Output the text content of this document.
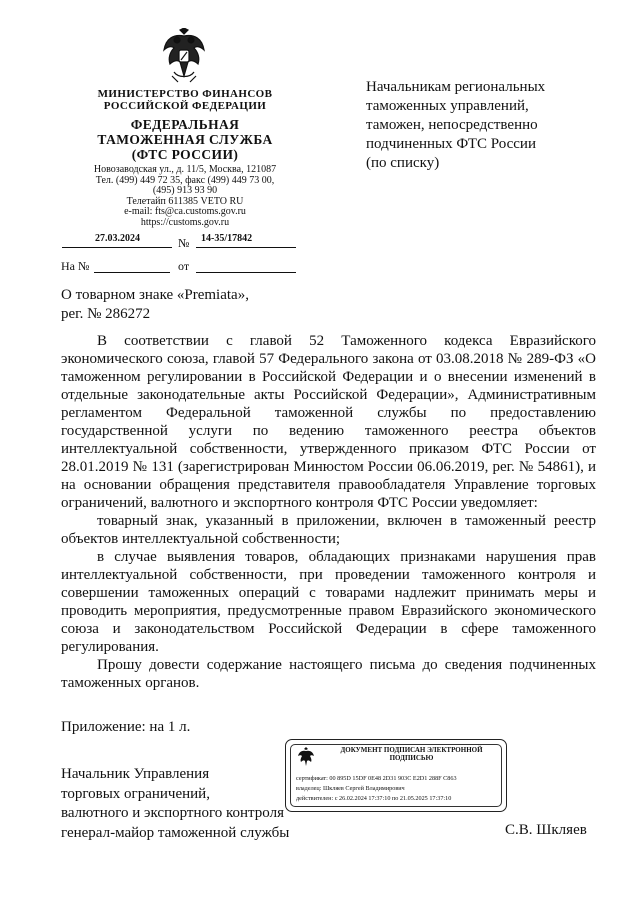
МИНИСТЕРСТВО ФИНАНСОВ
РОССИЙСКОЙ ФЕДЕРАЦИИ
ФЕДЕРАЛЬНАЯ
ТАМОЖЕННАЯ СЛУЖБА
(ФТС РОССИИ)
Новозаводская ул., д. 11/5, Москва, 121087
Тел. (499) 449 72 35, факс (499) 449 73 00,
(495) 913 93 90
Телетайп 611385 VETO RU
e-mail: fts@ca.customs.gov.ru
https://customs.gov.ru
27.03.2024	№ 14-35/17842
На №	от
Начальникам региональных
таможенных управлений,
таможен, непосредственно
подчиненных ФТС России
(по списку)
О товарном знаке «Premiata»,
рег. № 286272

В соответствии с главой 52 Таможенного кодекса Евразийского экономического союза, главой 57 Федерального закона от 03.08.2018 № 289-ФЗ «О таможенном регулировании в Российской Федерации и о внесении изменений в отдельные законодательные акты Российской Федерации», Административным регламентом Федеральной таможенной службы по предоставлению государственной услуги по ведению таможенного реестра объектов интеллектуальной собственности, утвержденного приказом ФТС России от 28.01.2019 № 131 (зарегистрирован Минюстом России 06.06.2019, рег. № 54861), и на основании обращения представителя правообладателя Управление торговых ограничений, валютного и экспортного контроля ФТС России уведомляет:

товарный знак, указанный в приложении, включен в таможенный реестр объектов интеллектуальной собственности;

в случае выявления товаров, обладающих признаками нарушения прав интеллектуальной собственности, при проведении таможенного контроля и совершении таможенных операций с товарами надлежит принимать меры и проводить мероприятия, предусмотренные правом Евразийского экономического союза и законодательством Российской Федерации в сфере таможенного регулирования.

Прошу довести содержание настоящего письма до сведения подчиненных таможенных органов.

Приложение: на 1 л.
Начальник Управления
торговых ограничений,
валютного и экспортного контроля
генерал-майор таможенной службы	С.В. Шкляев
ДОКУМЕНТ ПОДПИСАН ЭЛЕКТРОННОЙ
ПОДПИСЬЮ
сертификат: 00 895D 15DF 0E48 2D31 903C E2D1 288F C863
владелец: Шкляев Сергей Владимирович
действителен: с 26.02.2024 17:37:10 по 21.05.2025 17:37:10
